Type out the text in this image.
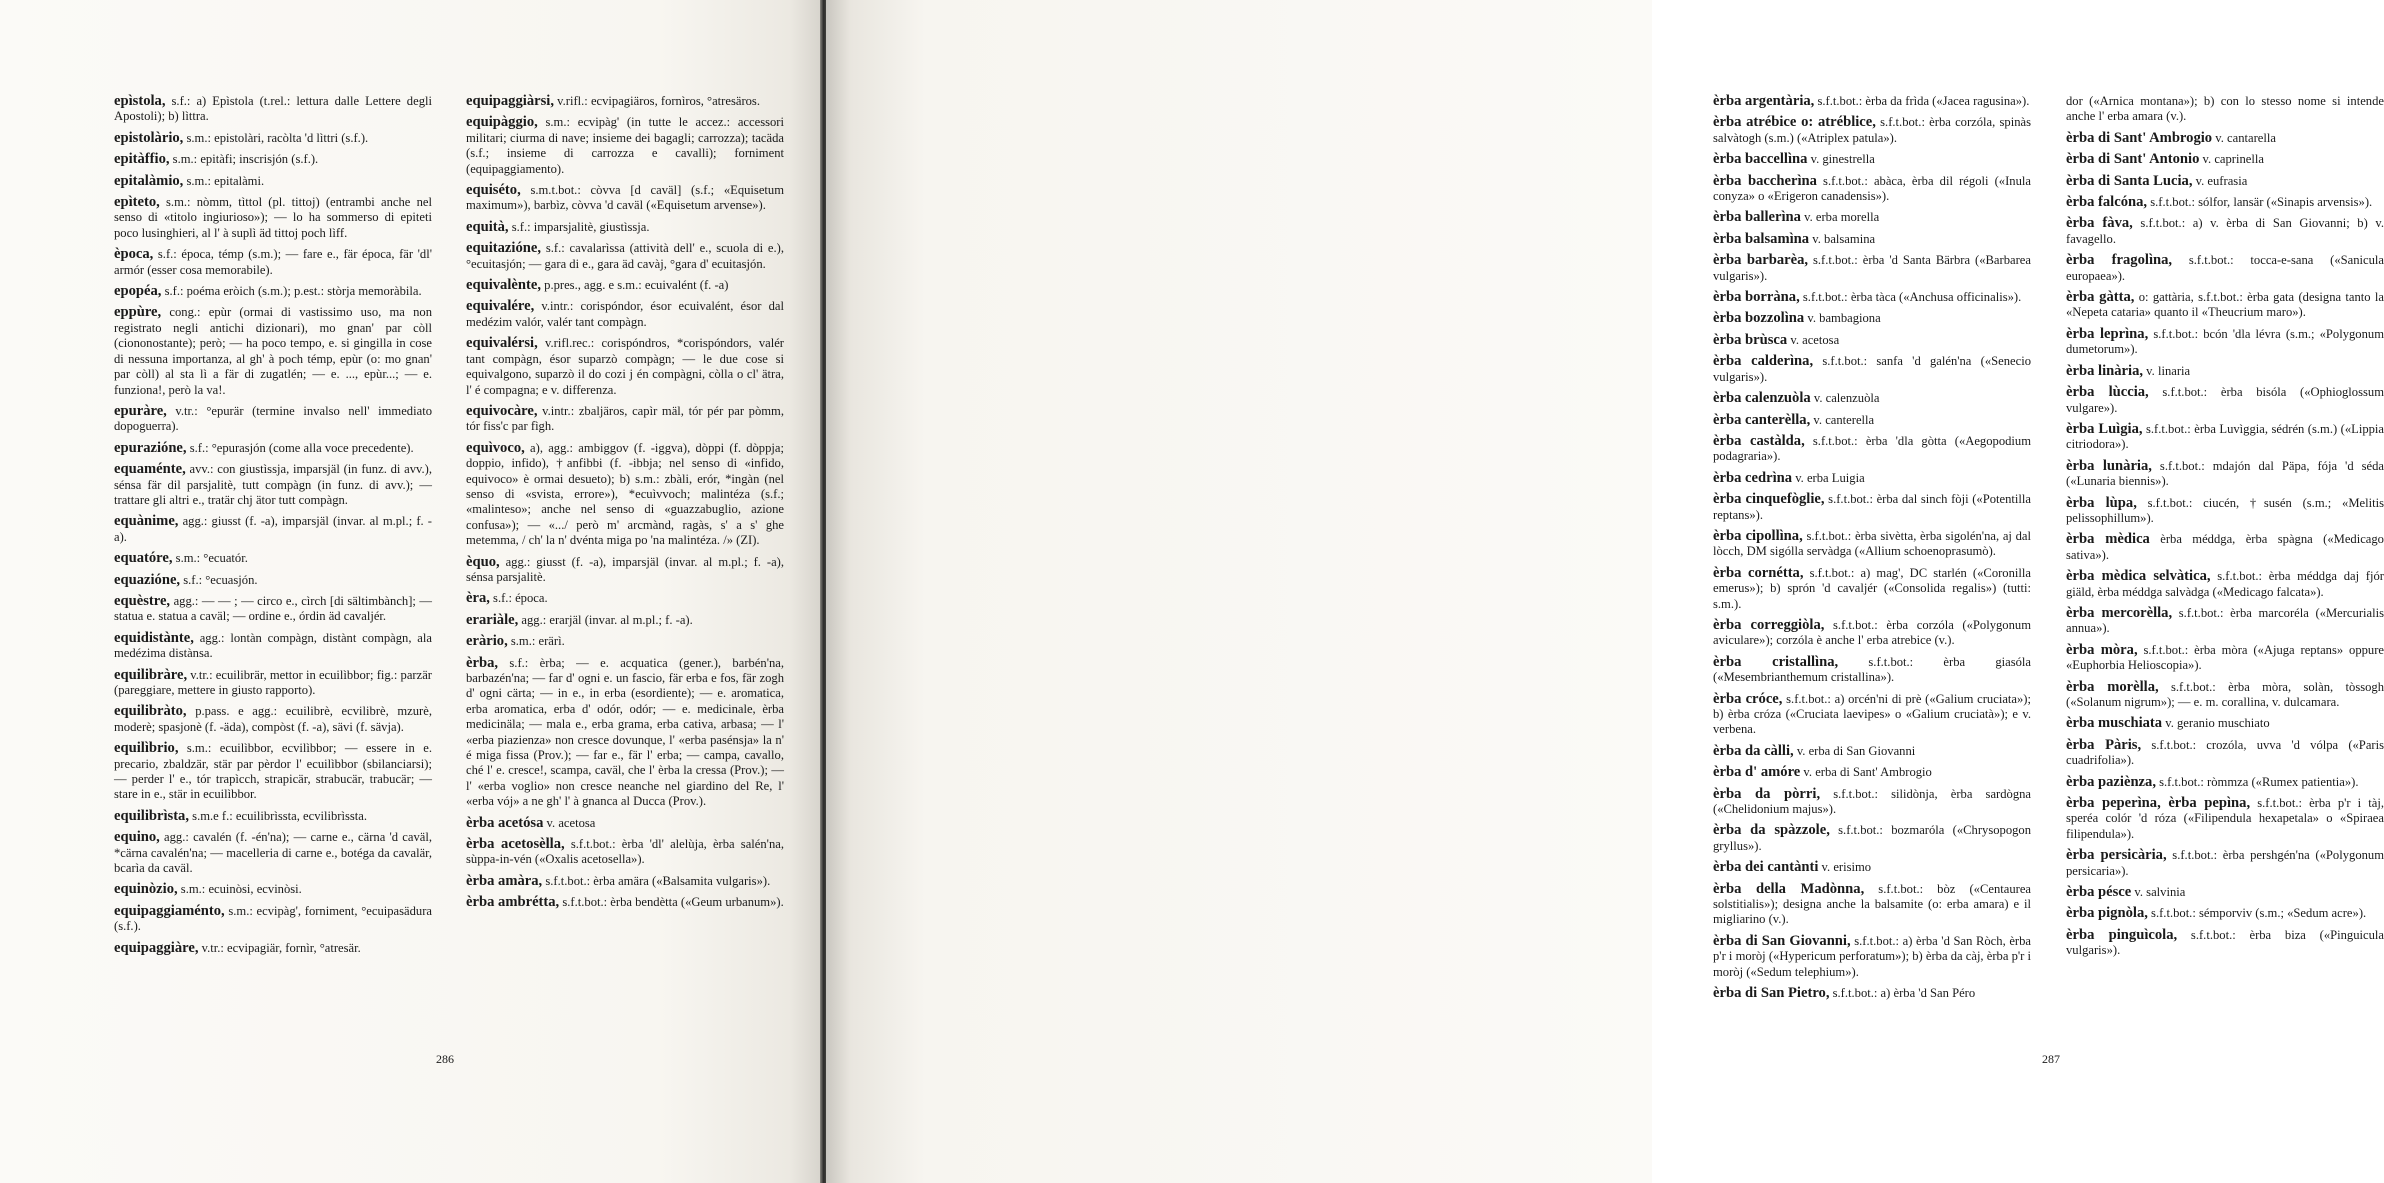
epìstola, s.f.: a) Epìstola (t.rel.: lettura dalle Lettere degli Apostoli); b) lìttra.

epistolàrio, s.m.: epistolàri, racòlta 'd lìttri (s.f.).

epitàffio, s.m.: epitàfi; inscrisjón (s.f.).

epitalàmio, s.m.: epitalàmi.

epìteto, s.m.: nòmm, tìttol (pl. tittoj) (entrambi anche nel senso di «titolo ingiurioso»); — lo ha sommerso di epiteti poco lusinghieri, al l' à suplì äd tittoj poch lìff.

època, s.f.: época, témp (s.m.); — fare e., fär época, fär 'dl' armór (esser cosa memorabile).

epopéa, s.f.: poéma eròich (s.m.); p.est.: stòrja memoràbila.

eppùre, cong.: epùr (ormai di vastissimo uso, ma non registrato negli antichi dizionari), mo gnan' par còll (ciononostante); però; — ha poco tempo, e. si gingilla in cose di nessuna importanza, al gh' à poch témp, epùr (o: mo gnan' par còll) al sta lì a fär di zugatlén; — e. ..., epùr...; — e. funziona!, però la va!.

epuràre, v.tr.: °epurär (termine invalso nell' immediato dopoguerra).

epurazióne, s.f.: °epurasjón (come alla voce precedente).

equaménte, avv.: con giustìssja, imparsjäl (in funz. di avv.), sénsa fär dil parsjalitè, tutt compàgn (in funz. di avv.); — trattare gli altri e., tratär chj ätor tutt compàgn.

equànime, agg.: giusst (f. -a), imparsjäl (invar. al m.pl.; f. -a).

equatóre, s.m.: °ecuatór.

equazióne, s.f.: °ecuasjón.

equèstre, agg.: — — ; — circo e., cìrch [di sältimbànch]; — statua e. statua a caväl; — ordine e., órdin äd cavaljér.

equidistànte, agg.: lontàn compàgn, distànt compàgn, ala medézima distànsa.

equilibràre, v.tr.: ecuilibrär, mettor in ecuilìbbor; fig.: parzär (pareggiare, mettere in giusto rapporto).

equilibràto, p.pass. e agg.: ecuilibrè, ecvilibrè, mzurè, moderè; spasjonè (f. -äda), compòst (f. -a), sävi (f. sävja).

equilìbrio, s.m.: ecuilìbbor, ecvilìbbor; — essere in e. precario, zbaldzär, stär par pèrdor l' ecuilìbbor (sbilanciarsi); — perder l' e., tór trapìcch, strapicär, strabucär, trabucär; — stare in e., stär in ecuilìbbor.

equilibrìsta, s.m.e f.: ecuilibrìssta, ecvilibrìssta.

equino, agg.: cavalén (f. -én'na); — carne e., cärna 'd caväl, *cärna cavalén'na; — macelleria di carne e., botéga da cavalär, bcarìa da caväl.

equinòzio, s.m.: ecuinòsi, ecvinòsi.

equipaggiaménto, s.m.: ecvipàg', forniment, °ecuipasädura (s.f.).

equipaggiàre, v.tr.: ecvipagiär, fornìr, °atresär.

equipaggiàrsi, v.rifl.: ecvipagiäros, fornìros, °atresäros.

equipàggio, s.m.: ecvipàg' (in tutte le accez.: accessori militari; ciurma di nave; insieme dei bagagli; carrozza); tacäda (s.f.; insieme di carrozza e cavalli); forniment (equipaggiamento).

equiséto, s.m.t.bot.: còvva [d caväl] (s.f.; «Equisetum maximum»), barbìz, còvva 'd caväl («Equisetum arvense»).

equità, s.f.: imparsjalitè, giustìssja.

equitazióne, s.f.: cavalarìssa (attività dell' e., scuola di e.), °ecuitasjón; — gara di e., gara äd cavàj, °gara d' ecuitasjón.

equivalènte, p.pres., agg. e s.m.: ecuivalént (f. -a)

equivalére, v.intr.: corispóndor, ésor ecuivalént, ésor dal medézim valór, valér tant compàgn.

equivalérsi, v.rifl.rec.: corispóndros, *corispóndors, valér tant compàgn, ésor suparzò compàgn; — le due cose si equivalgono, suparzò il do cozi j én compàgni, còlla o cl' ätra, l' é compagna; e v. differenza.

equivocàre, v.intr.: zbaljäros, capìr mäl, tór pér par pòmm, tór fiss'c par fìgh.

equìvoco, a), agg.: ambiggov (f. -iggva), dòppi (f. dòppja; doppio, infido), †anfibbi (f. -ibbja; nel senso di «infido, equivoco» è ormai desueto); b) s.m.: zbàli, erór, *ingàn (nel senso di «svista, errore»), *ecuìvvoch; malintéza (s.f.; «malinteso»; anche nel senso di «guazzabuglio, azione confusa»); — «.../ però m' arcmànd, ragàs, s' a s' ghe metemma, / ch' la n' dvénta miga po 'na malintéza. /» (ZI).

èquo, agg.: giusst (f. -a), imparsjäl (invar. al m.pl.; f. -a), sénsa parsjalitè.

èra, s.f.: época.

erariàle, agg.: erarjäl (invar. al m.pl.; f. -a).

eràrio, s.m.: erärì.

èrba, s.f.: èrba; — e. acquatica (gener.), barbén'na, barbazén'na; — far d' ogni e. un fascio, fär erba e fos, fär zogh d' ogni cärta; — in e., in erba (esordiente); — e. aromatica, erba aromatica, erba d' odór, odór; — e. medicinale, èrba medicinäla; — mala e., erba grama, erba cativa, arbasa; — l' «erba piazienza» non cresce dovunque, l' «erba pasénsja» la n' é miga fissa (Prov.); — far e., fär l' erba; — campa, cavallo, ché l' e. cresce!, scampa, caväl, che l' èrba la cressa (Prov.); — l' «erba voglio» non cresce neanche nel giardino del Re, l' «erba vój» a ne gh' l' à gnanca al Ducca (Prov.).

èrba acetósa v. acetosa

èrba acetosèlla, s.f.t.bot.: èrba 'dl' alelùja, èrba salén'na, sùppa-in-vén («Oxalis acetosella»).

èrba amàra, s.f.t.bot.: èrba amära («Balsamita vulgaris»).

èrba ambrétta, s.f.t.bot.: èrba bendètta («Geum urbanum»).

286

èrba argentària, s.f.t.bot.: èrba da frìda («Jacea ragusina»).

èrba atrébice o: atréblice, s.f.t.bot.: èrba corzóla, spinàs salvàtogh (s.m.) («Atriplex patula»).

èrba baccellìna v. ginestrella

èrba baccherìna s.f.t.bot.: abàca, èrba dil régoli («Inula conyza» o «Erigeron canadensis»).

èrba ballerìna v. erba morella

èrba balsamìna v. balsamina

èrba barbarèa, s.f.t.bot.: èrba 'd Santa Bärbra («Barbarea vulgaris»).

èrba borràna, s.f.t.bot.: èrba tàca («Anchusa officinalis»).

èrba bozzolìna v. bambagiona

èrba brùsca v. acetosa

èrba calderìna, s.f.t.bot.: sanfa 'd galén'na («Senecio vulgaris»).

èrba calenzuòla v. calenzuòla

èrba canterèlla, v. canterella

èrba castàlda, s.f.t.bot.: èrba 'dla gòtta («Aegopodium podagraria»).

èrba cedrìna v. erba Luigia

èrba cinquefòglie, s.f.t.bot.: èrba dal sinch fòji («Potentilla reptans»).

èrba cipollìna, s.f.t.bot.: èrba sivètta, èrba sigolén'na, aj dal lòcch, DM sigólla servàdga («Allium schoenoprasumò).

èrba cornétta, s.f.t.bot.: a) mag', DC starlén («Coronilla emerus»); b) sprón 'd cavaljér («Consolida regalis») (tutti: s.m.).

èrba correggiòla, s.f.t.bot.: èrba corzóla («Polygonum aviculare»); corzóla è anche l' erba atrebice (v.).

èrba cristallìna, s.f.t.bot.: èrba giasóla («Mesembrianthemum cristallina»).

èrba cróce, s.f.t.bot.: a) orcén'ni di prè («Galium cruciata»); b) èrba cróza («Cruciata laevipes» o «Galium cruciatà»); e v. verbena.

èrba da càlli, v. erba di San Giovanni

èrba d' amóre v. erba di Sant' Ambrogio

èrba da pòrri, s.f.t.bot.: silidònja, èrba sardògna («Chelidonium majus»).

èrba da spàzzole, s.f.t.bot.: bozmaróla («Chrysopogon gryllus»).

èrba dei cantànti v. erisimo

èrba della Madònna, s.f.t.bot.: bòz («Centaurea solstitialis»); designa anche la balsamite (o: erba amara) e il migliarino (v.).

èrba di San Giovanni, s.f.t.bot.: a) èrba 'd San Ròch, èrba p'r i moròj («Hypericum perforatum»); b) èrba da càj, èrba p'r i moròj («Sedum telephium»).

èrba di San Pietro, s.f.t.bot.: a) èrba 'd San Péro

dor («Arnica montana»); b) con lo stesso nome si intende anche l' erba amara (v.).

èrba di Sant' Ambrogio v. cantarella

èrba di Sant' Antonio v. caprinella

èrba di Santa Lucia, v. eufrasia

èrba falcóna, s.f.t.bot.: sólfor, lansär («Sinapis arvensis»).

èrba fàva, s.f.t.bot.: a) v. èrba di San Giovanni; b) v. favagello.

èrba fragolìna, s.f.t.bot.: tocca-e-sana («Sanicula europaea»).

èrba gàtta, o: gattària, s.f.t.bot.: èrba gata (designa tanto la «Nepeta cataria» quanto il «Theucrium maro»).

èrba leprìna, s.f.t.bot.: bcón 'dla lévra (s.m.; «Polygonum dumetorum»).

èrba linària, v. linaria

èrba lùccia, s.f.t.bot.: èrba bisóla («Ophioglossum vulgare»).

èrba Luìgia, s.f.t.bot.: èrba Luvìggia, sédrén (s.m.) («Lippia citriodora»).

èrba lunària, s.f.t.bot.: mdajón dal Päpa, fója 'd séda («Lunaria biennis»).

èrba lùpa, s.f.t.bot.: ciucén, †susén (s.m.; «Melitis pelissophillum»).

èrba mèdica èrba méddga, èrba spàgna («Medicago sativa»).

èrba mèdica selvàtica, s.f.t.bot.: èrba méddga daj fjór giäld, èrba méddga salvàdga («Medicago falcata»).

èrba mercorèlla, s.f.t.bot.: èrba marcoréla («Mercurialis annua»).

èrba mòra, s.f.t.bot.: èrba mòra («Ajuga reptans» oppure «Euphorbia Helioscopia»).

èrba morèlla, s.f.t.bot.: èrba mòra, solàn, tòssogh («Solanum nigrum»); — e. m. corallina, v. dulcamara.

èrba muschiata v. geranio muschiato

èrba Pàris, s.f.t.bot.: crozóla, uvva 'd vólpa («Paris cuadrifolia»).

èrba pazièn​za, s.f.t.bot.: ròmmza («Rumex patientia»).

èrba peperìna, èrba pepìna, s.f.t.bot.: èrba p'r i tàj, speréa colór 'd róza («Filipendula hexapetala» o «Spiraea filipendula»).

èrba persicària, s.f.t.bot.: èrba pershgén'na («Polygonum persicaria»).

èrba pésce v. salvinia

èrba pignòla, s.f.t.bot.: sémporviv (s.m.; «Sedum acre»).

èrba pinguìcola, s.f.t.bot.: èrba biza («Pinguicula vulgaris»).

287
